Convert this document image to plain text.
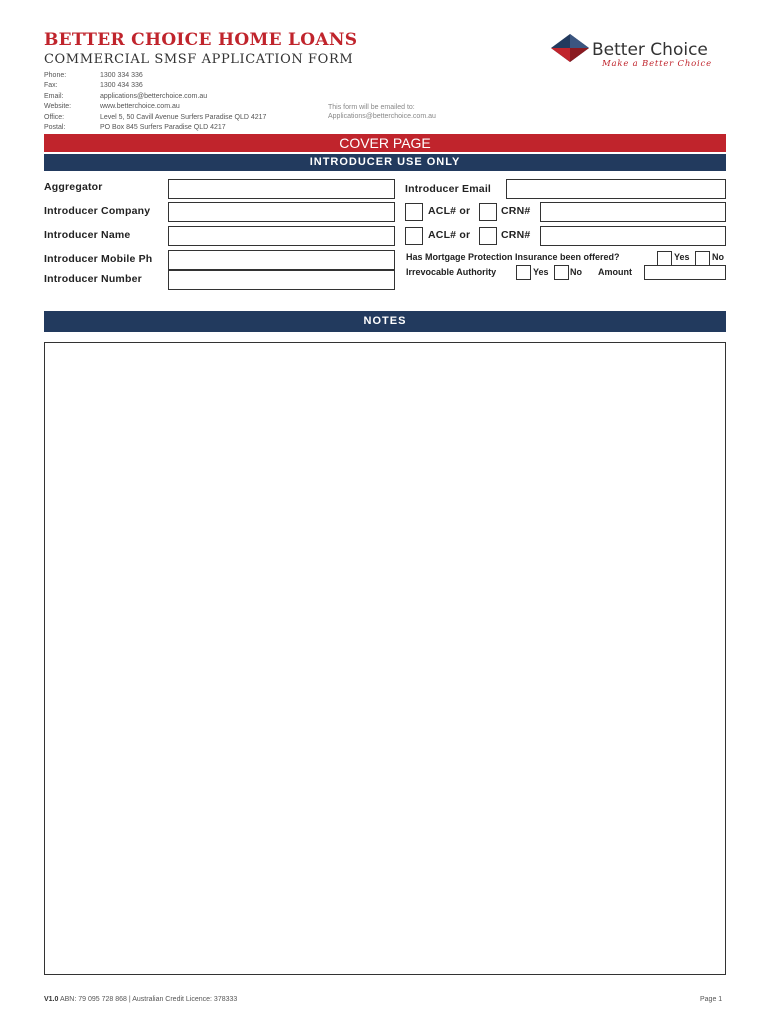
BETTER CHOICE HOME LOANS
COMMERCIAL SMSF APPLICATION FORM
Phone:	1300 334 336
Fax:	1300 434 336
Email:	applications@betterchoice.com.au
Website:	www.betterchoice.com.au
Office:	Level 5, 50 Cavill Avenue Surfers Paradise QLD 4217
Postal:	PO Box 845 Surfers Paradise QLD 4217
This form will be emailed to:
Applications@betterchoice.com.au
Better Choice
Make a Better Choice
COVER PAGE
INTRODUCER USE ONLY
Aggregator
Introducer Company
Introducer Name
Introducer Mobile Ph
Introducer Number
Introducer Email
ACL# or	CRN#
ACL# or	CRN#
Has Mortgage Protection Insurance been offered?	Yes No
Irrevocable Authority	Yes No Amount
NOTES
V1.0 ABN: 79 095 728 868 | Australian Credit Licence: 378333	Page 1
